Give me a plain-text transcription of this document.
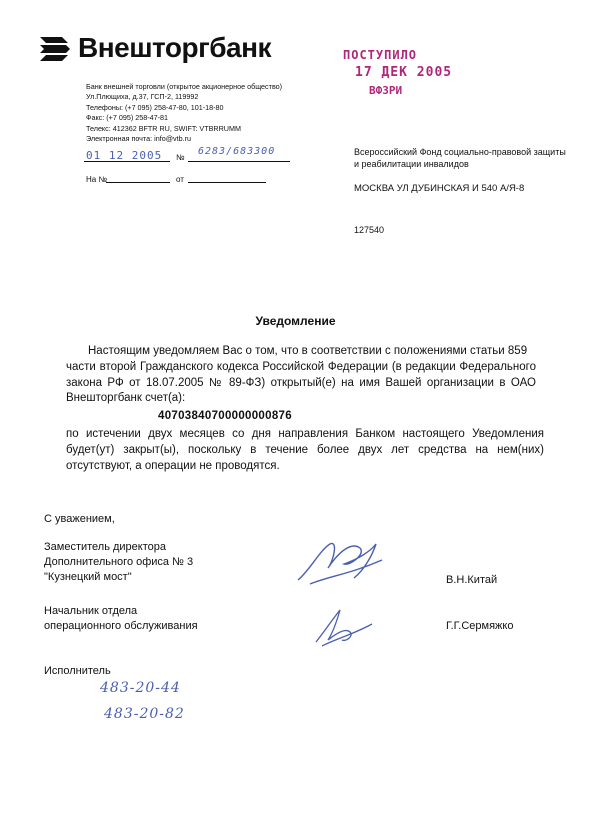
Внешторгбанк
Банк внешней торговли (открытое акционерное общество)
Ул.Плющиха, д.37, ГСП-2, 119992
Телефоны: (+7 095) 258-47-80, 101-18-80
Факс: (+7 095) 258-47-81
Телекс: 412362 BFTR RU, SWIFT: VTBRRUMM
Электронная почта: info@vtb.ru
01 12 2005 №
6283/683300
На №	от
ПОСТУПИЛО
17 ДЕК 2005
ВФЗРИ
Всероссийский Фонд социально-правовой защиты
и реабилитации инвалидов
МОСКВА УЛ ДУБИНСКАЯ И 540 А/Я-8
127540
Уведомление
Настоящим уведомляем Вас о том, что в соответствии с положениями статьи 859
части второй Гражданского кодекса Российской Федерации (в редакции Федерального
закона РФ от 18.07.2005 № 89-ФЗ) открытый(е) на имя Вашей организации в ОАО
Внешторгбанк счет(а):
40703840700000000876
по истечении двух месяцев со дня направления Банком настоящего Уведомления
будет(ут) закрыт(ы), поскольку в течение более двух лет средства на нем(них)
отсутствуют, а операции не проводятся.
С уважением,
Заместитель директора
Дополнительного офиса № 3
"Кузнецкий мост"	В.Н.Китай
Начальник отдела
операционного обслуживания	Г.Г.Сермяжко
Исполнитель
483-20-44
483-20-82
